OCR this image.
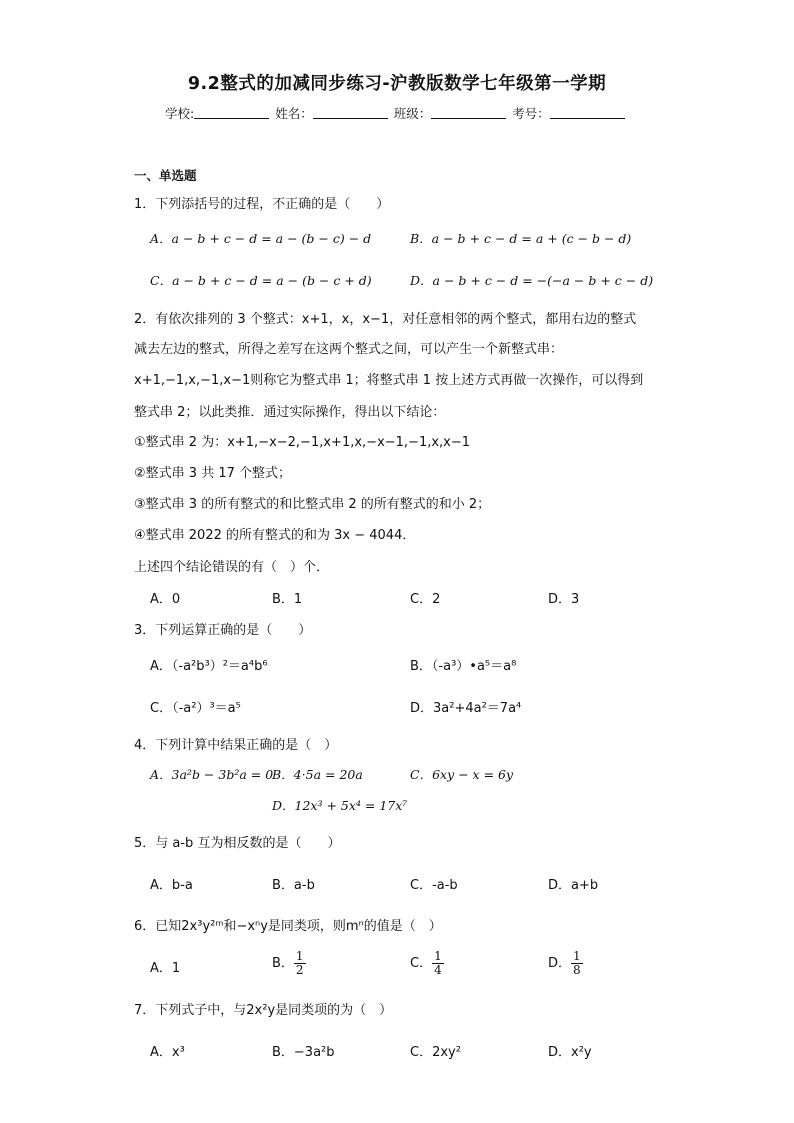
9.2整式的加减同步练习-沪教版数学七年级第一学期
学校:	姓名：	班级：	考号：
一、单选题
1．下列添括号的过程，不正确的是（　　）
A．a − b + c − d = a − (b − c) − d	B．a − b + c − d = a + (c − b − d)
C．a − b + c − d = a − (b − c + d)	D．a − b + c − d = −(−a − b + c − d)
2．有依次排列的 3 个整式：x+1，x，x−1，对任意相邻的两个整式，都用右边的整式
减去左边的整式，所得之差写在这两个整式之间，可以产生一个新整式串：
x+1,−1,x,−1,x−1则称它为整式串 1；将整式串 1 按上述方式再做一次操作，可以得到
整式串 2；以此类推．通过实际操作，得出以下结论：
①整式串 2 为：x+1,−x−2,−1,x+1,x,−x−1,−1,x,x−1
②整式串 3 共 17 个整式；
③整式串 3 的所有整式的和比整式串 2 的所有整式的和小 2；
④整式串 2022 的所有整式的和为 3x − 4044．
上述四个结论错误的有（　）个．
A．0	B．1	C．2	D．3
3．下列运算正确的是（　　）
A．（-a²b³）²＝a⁴b⁶	B．（-a³）•a⁵＝a⁸
C．（-a²）³＝a⁵	D．3a²+4a²＝7a⁴
4．下列计算中结果正确的是（　）
A．3a²b − 3b²a = 0
B．4·5a = 20a	C．6xy − x = 6y
D．12x³ + 5x⁴ = 17x⁷
5．与 a-b 互为相反数的是（　　）
A．b-a	B．a-b	C．-a-b	D．a+b
6．已知2x³y²ᵐ和−xⁿy是同类项，则mⁿ的值是（　）
A．1	B． $\frac{1}{2}$	C． $\frac{1}{4}$	D． $\frac{1}{8}$
7．下列式子中，与2x²y是同类项的为（　）
A．x³	B．−3a²b	C．2xy²	D．x²y
